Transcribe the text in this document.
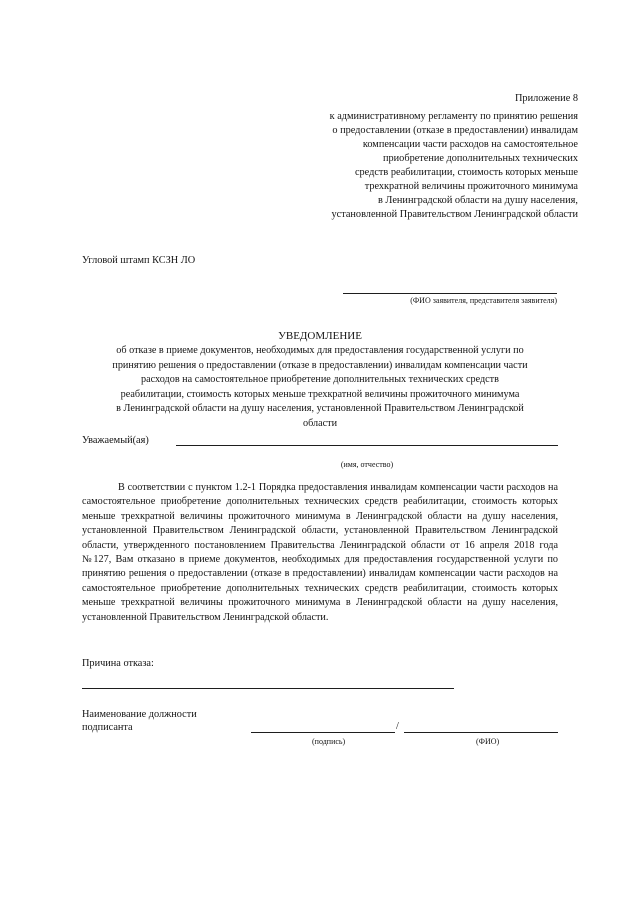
Приложение 8
к административному регламенту по принятию решения
о предоставлении (отказе в предоставлении) инвалидам
компенсации части расходов на самостоятельное
приобретение дополнительных технических
средств реабилитации, стоимость которых меньше
трехкратной величины прожиточного минимума
в Ленинградской области на душу населения,
установленной Правительством Ленинградской области
Угловой штамп КСЗН ЛО
(ФИО заявителя, представителя заявителя)
УВЕДОМЛЕНИЕ
об отказе в приеме документов, необходимых для предоставления государственной услуги по
принятию решения о предоставлении (отказе в предоставлении) инвалидам компенсации части
расходов на самостоятельное приобретение дополнительных технических средств
реабилитации, стоимость которых меньше трехкратной величины прожиточного минимума
в Ленинградской области на душу населения, установленной Правительством Ленинградской
области
Уважаемый(ая)
(имя, отчество)
В соответствии с пунктом 1.2-1 Порядка предоставления инвалидам компенсации части расходов на самостоятельное приобретение дополнительных технических средств реабилитации, стоимость которых меньше трехкратной величины прожиточного минимума в Ленинградской области на душу населения, установленной Правительством Ленинградской области, установленной Правительством Ленинградской области, утвержденного постановлением Правительства Ленинградской области от 16 апреля 2018 года №127, Вам отказано в приеме документов, необходимых для предоставления государственной услуги по принятию решения о предоставлении (отказе в предоставлении) инвалидам компенсации части расходов на самостоятельное приобретение дополнительных технических средств реабилитации, стоимость которых меньше трехкратной величины прожиточного минимума в Ленинградской области на душу населения, установленной Правительством Ленинградской области.
Причина отказа:
Наименование должности
подписанта	/
(подпись)	(ФИО)
